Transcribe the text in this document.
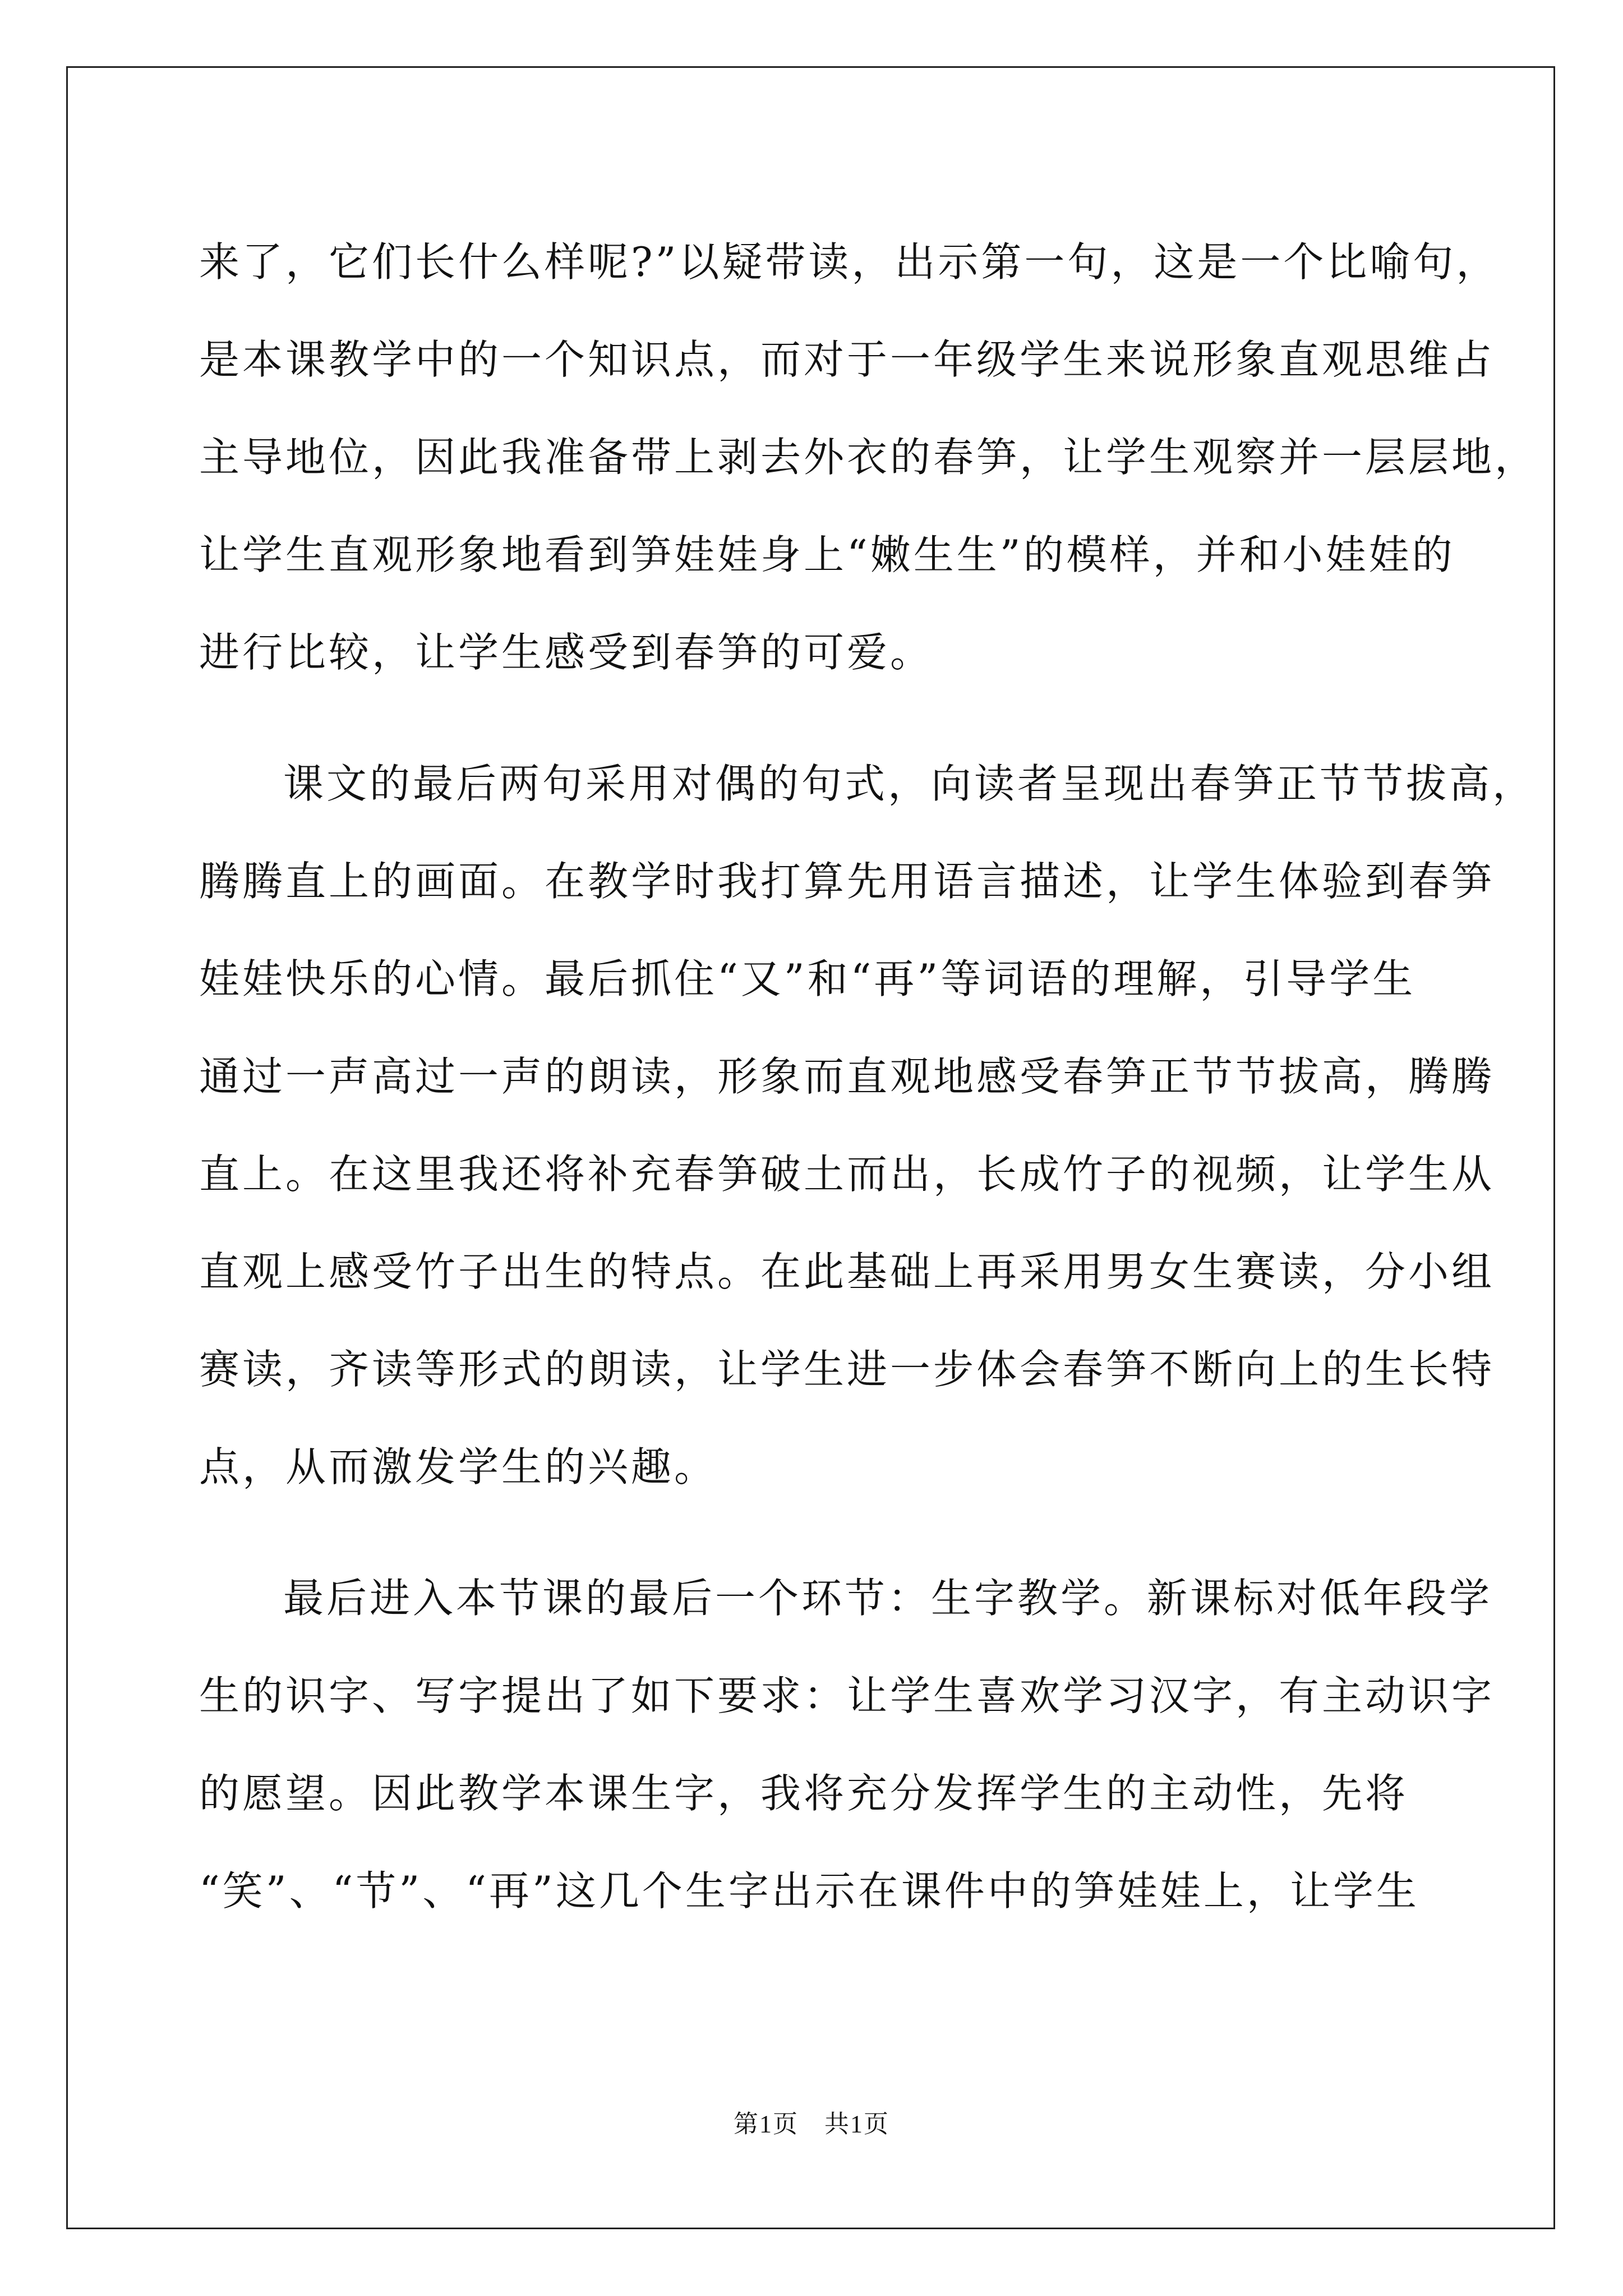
来了，它们长什么样呢?”以疑带读，出示第一句，这是一个比喻句，
是本课教学中的一个知识点，而对于一年级学生来说形象直观思维占
主导地位，因此我准备带上剥去外衣的春笋，让学生观察并一层层地，
让学生直观形象地看到笋娃娃身上“嫩生生”的模样，并和小娃娃的
进行比较，让学生感受到春笋的可爱。

课文的最后两句采用对偶的句式，向读者呈现出春笋正节节拔高，
腾腾直上的画面。在教学时我打算先用语言描述，让学生体验到春笋
娃娃快乐的心情。最后抓住“又”和“再”等词语的理解，引导学生
通过一声高过一声的朗读，形象而直观地感受春笋正节节拔高，腾腾
直上。在这里我还将补充春笋破土而出，长成竹子的视频，让学生从
直观上感受竹子出生的特点。在此基础上再采用男女生赛读，分小组
赛读，齐读等形式的朗读，让学生进一步体会春笋不断向上的生长特
点，从而激发学生的兴趣。

最后进入本节课的最后一个环节：生字教学。新课标对低年段学
生的识字、写字提出了如下要求：让学生喜欢学习汉字，有主动识字
的愿望。因此教学本课生字，我将充分发挥学生的主动性，先将
“笑”、“节”、“再”这几个生字出示在课件中的笋娃娃上，让学生

第1页　共1页
